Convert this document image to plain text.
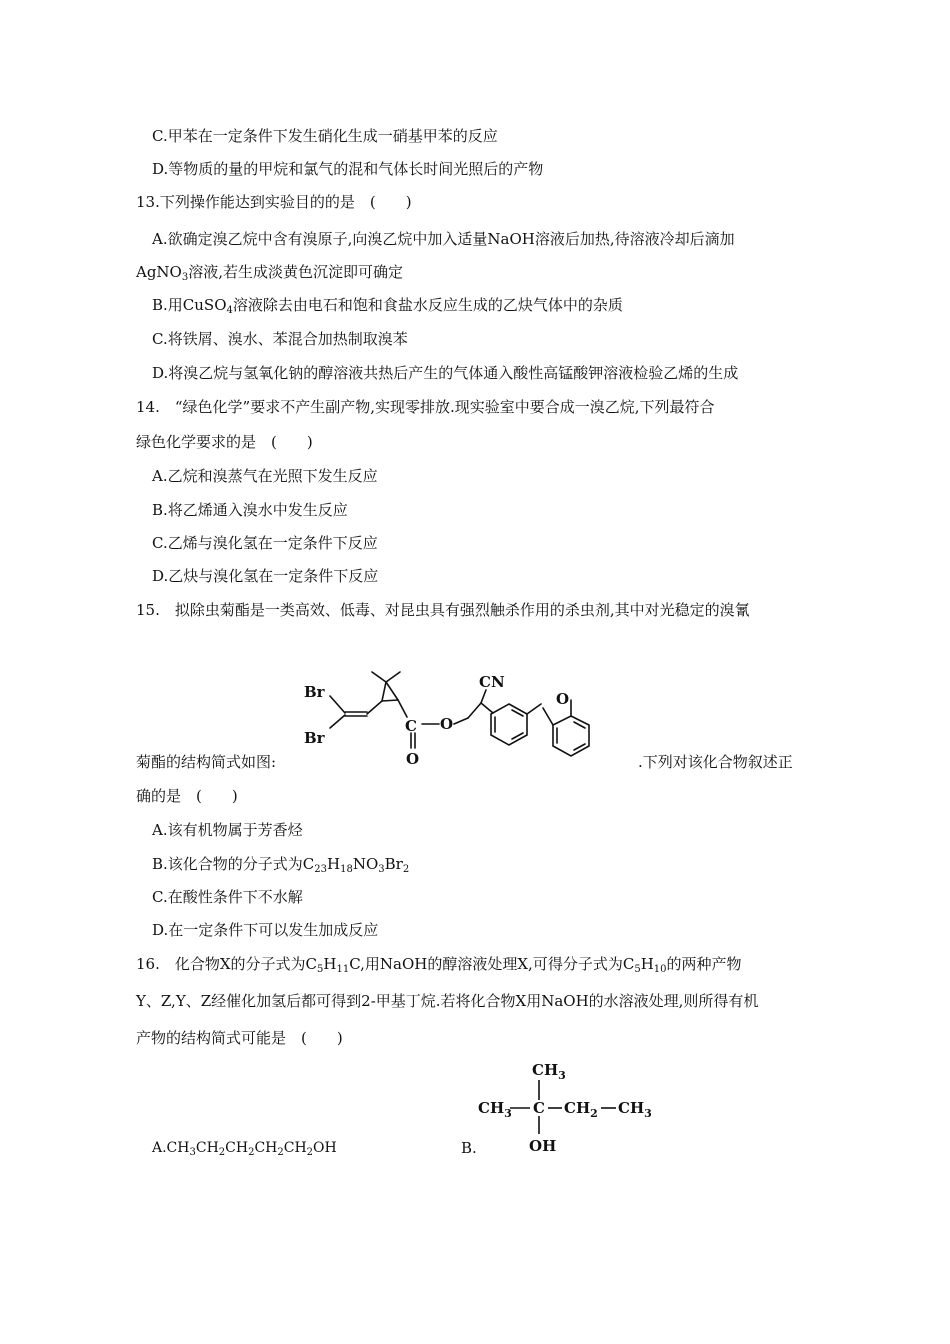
C.甲苯在一定条件下发生硝化生成一硝基甲苯的反应
D.等物质的量的甲烷和氯气的混和气体长时间光照后的产物
13.下列操作能达到实验目的的是　(　　)
A.欲确定溴乙烷中含有溴原子,向溴乙烷中加入适量NaOH溶液后加热,待溶液冷却后滴加
AgNO$_3$溶液,若生成淡黄色沉淀即可确定
B.用CuSO$_4$溶液除去由电石和饱和食盐水反应生成的乙炔气体中的杂质
C.将铁屑、溴水、苯混合加热制取溴苯
D.将溴乙烷与氢氧化钠的醇溶液共热后产生的气体通入酸性高锰酸钾溶液检验乙烯的生成
14.　“绿色化学”要求不产生副产物,实现零排放.现实验室中要合成一溴乙烷,下列最符合
绿色化学要求的是　(　　)
A.乙烷和溴蒸气在光照下发生反应
B.将乙烯通入溴水中发生反应
C.乙烯与溴化氢在一定条件下反应
D.乙炔与溴化氢在一定条件下反应
15.　拟除虫菊酯是一类高效、低毒、对昆虫具有强烈触杀作用的杀虫剂,其中对光稳定的溴氰
Br
Br
C O
O
CN
O
菊酯的结构简式如图:	.下列对该化合物叙述正
确的是　(　　)
A.该有机物属于芳香烃
B.该化合物的分子式为$C_{23}H_{18}NO_3Br_2$
C.在酸性条件下不水解
D.在一定条件下可以发生加成反应
16.　化合物X的分子式为$C_5H_{11}C$,用NaOH的醇溶液处理X,可得分子式为$C_5H_{10}$的两种产物
Y、Z,Y、Z经催化加氢后都可得到2-甲基丁烷.若将化合物X用NaOH的水溶液处理,则所得有机
产物的结构简式可能是　(　　)
$A.CH_3CH_2CH_2CH_2CH_2OH$	B.
$CH_3$
$CH_3$ C $CH_2$ $CH_3$
OH
